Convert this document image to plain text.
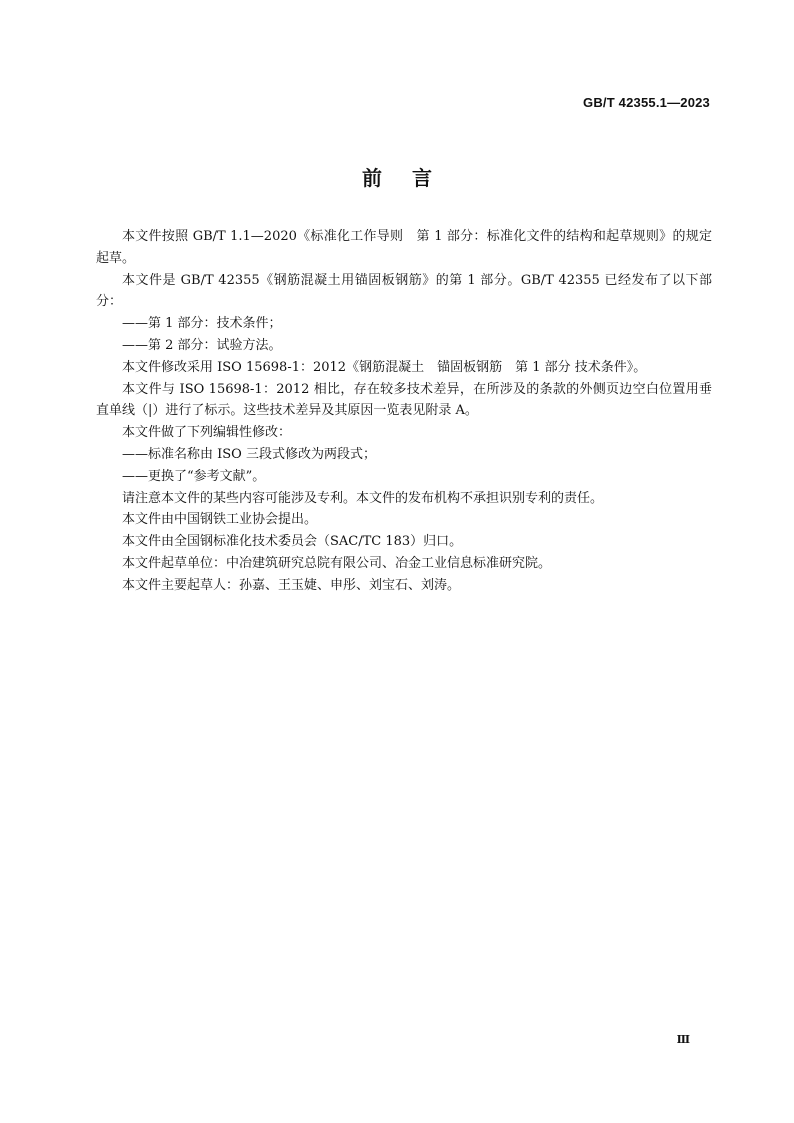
GB/T 42355.1—2023
前言

本文件按照 GB/T 1.1—2020《标准化工作导则　第 1 部分：标准化文件的结构和起草规则》的规定起草。

本文件是 GB/T 42355《钢筋混凝土用锚固板钢筋》的第 1 部分。GB/T 42355 已经发布了以下部分：

——第 1 部分：技术条件；

——第 2 部分：试验方法。

本文件修改采用 ISO 15698-1：2012《钢筋混凝土　锚固板钢筋　第 1 部分 技术条件》。

本文件与 ISO 15698-1：2012 相比，存在较多技术差异，在所涉及的条款的外侧页边空白位置用垂直单线（|）进行了标示。这些技术差异及其原因一览表见附录 A。

本文件做了下列编辑性修改：

——标准名称由 ISO 三段式修改为两段式；

——更换了“参考文献”。

请注意本文件的某些内容可能涉及专利。本文件的发布机构不承担识别专利的责任。

本文件由中国钢铁工业协会提出。

本文件由全国钢标准化技术委员会（SAC/TC 183）归口。

本文件起草单位：中冶建筑研究总院有限公司、冶金工业信息标准研究院。

本文件主要起草人：孙嘉、王玉婕、申彤、刘宝石、刘涛。

Ⅲ
